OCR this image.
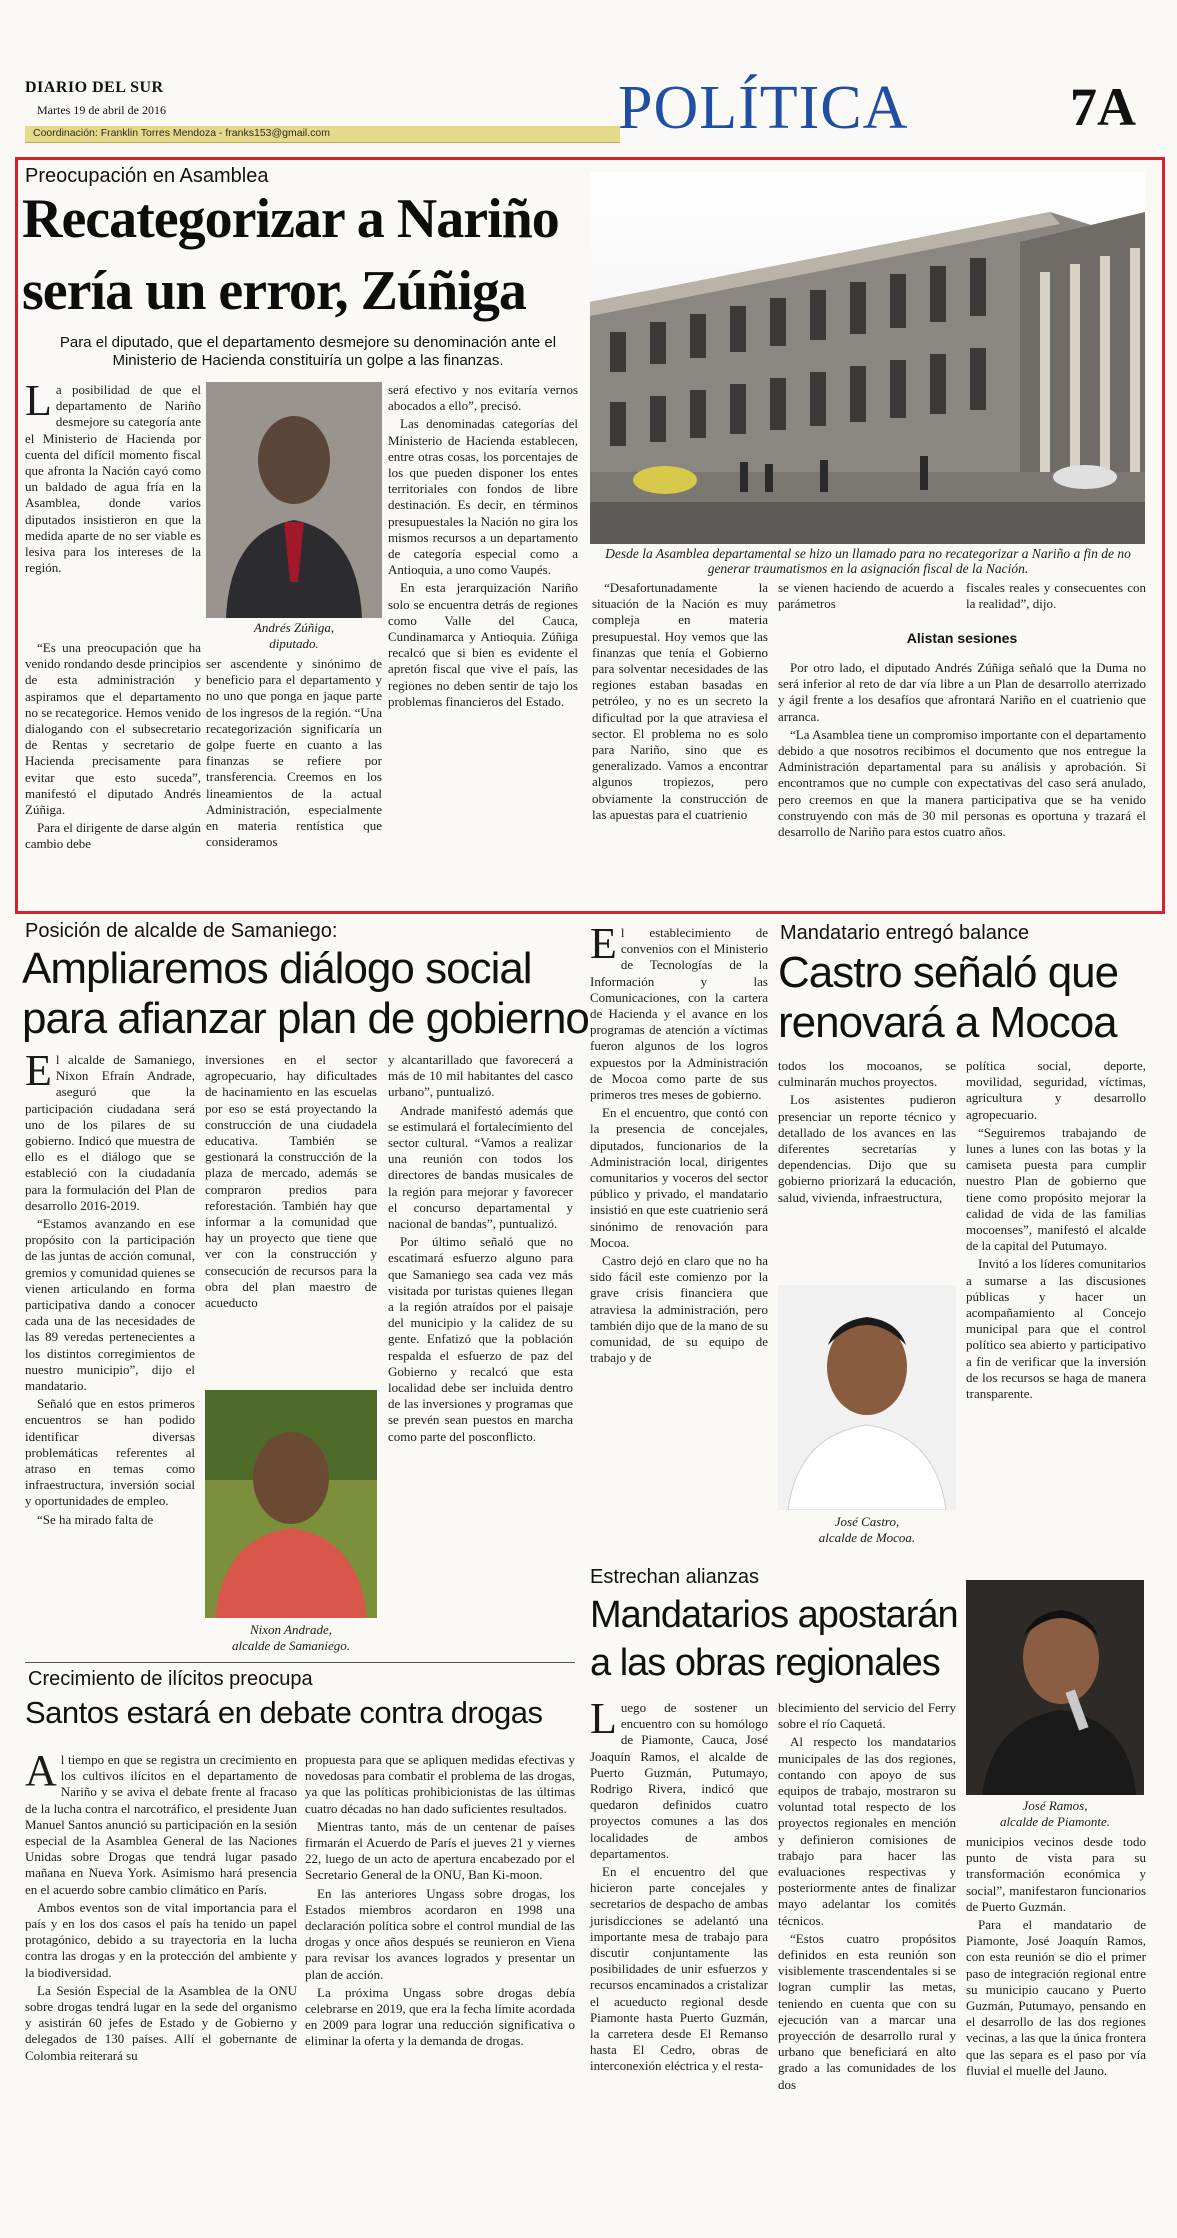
DIARIO DEL SUR
Martes 19 de abril de 2016
Coordinación: Franklin Torres Mendoza - franks153@gmail.com	POLÍTICA	7A
Preocupación en Asamblea
Recategorizar a Nariño
sería un error, Zúñiga
Para el diputado, que el departamento desmejore su denominación ante el Ministerio de Hacienda constituiría un golpe a las finanzas.
Desde la Asamblea departamental se hizo un llamado para no recategorizar a Nariño a fin de no generar traumatismos en la asignación fiscal de la Nación.
Andrés Zúñiga,
diputado.

La posibilidad de que el departamento de Nariño desmejore su categoría ante el Ministerio de Hacienda por cuenta del difícil momento fiscal que afronta la Nación cayó como un baldado de agua fría en la Asamblea, donde varios diputados insistieron en que la medida aparte de no ser viable es lesiva para los intereses de la región.

“Es una preocupación que ha venido rondando desde principios de esta administración y aspiramos que el departamento no se recategorice. Hemos venido dialogando con el subsecretario de Rentas y secretario de Hacienda precisamente para evitar que esto suceda”, manifestó el diputado Andrés Zúñiga.

Para el dirigente de darse algún cambio debe

ser ascendente y sinónimo de beneficio para el departamento y no uno que ponga en jaque parte de los ingresos de la región. “Una recategorización significaría un golpe fuerte en cuanto a las finanzas se refiere por transferencia. Creemos en los lineamientos de la actual Administración, especialmente en materia rentística que consideramos

será efectivo y nos evitaría vernos abocados a ello”, precisó.

Las denominadas categorías del Ministerio de Hacienda establecen, entre otras cosas, los porcentajes de los que pueden disponer los entes territoriales con fondos de libre destinación. Es decir, en términos presupuestales la Nación no gira los mismos recursos a un departamento de categoría especial como a Antioquia, a uno como Vaupés.

En esta jerarquización Nariño solo se encuentra detrás de regiones como Valle del Cauca, Cundinamarca y Antioquia. Zúñiga recalcó que si bien es evidente el apretón fiscal que vive el país, las regiones no deben sentir de tajo los problemas financieros del Estado.

“Desafortunadamente la situación de la Nación es muy compleja en materia presupuestal. Hoy vemos que las finanzas que tenía el Gobierno para solventar necesidades de las regiones estaban basadas en petróleo, y no es un secreto la dificultad por la que atraviesa el sector. El problema no es solo para Nariño, sino que es generalizado. Vamos a encontrar algunos tropiezos, pero obviamente la construcción de las apuestas para el cuatrienio

se vienen haciendo de acuerdo a parámetros

fiscales reales y consecuentes con la realidad”, dijo.

Alistan sesiones

Por otro lado, el diputado Andrés Zúñiga señaló que la Duma no será inferior al reto de dar vía libre a un Plan de desarrollo aterrizado y ágil frente a los desafíos que afrontará Nariño en el cuatrienio que arranca.

“La Asamblea tiene un compromiso importante con el departamento debido a que nosotros recibimos el documento que nos entregue la Administración departamental para su análisis y aprobación. Si encontramos que no cumple con expectativas del caso será anulado, pero creemos en que la manera participativa que se ha venido construyendo con más de 30 mil personas es oportuna y trazará el desarrollo de Nariño para estos cuatro años.

Posición de alcalde de Samaniego:
Ampliaremos diálogo social
para afianzar plan de gobierno

El alcalde de Samaniego, Nixon Efraín Andrade, aseguró que la participación ciudadana será uno de los pilares de su gobierno. Indicó que muestra de ello es el diálogo que se estableció con la ciudadanía para la formulación del Plan de desarrollo 2016-2019.

“Estamos avanzando en ese propósito con la participación de las juntas de acción comunal, gremios y comunidad quienes se vienen articulando en forma participativa dando a conocer cada una de las necesidades de las 89 veredas pertenecientes a los distintos corregimientos de nuestro municipio”, dijo el mandatario.

Señaló que en estos primeros encuentros se han podido identificar diversas problemáticas referentes al atraso en temas como infraestructura, inversión social y oportunidades de empleo.

“Se ha mirado falta de

inversiones en el sector agropecuario, hay dificultades de hacinamiento en las escuelas por eso se está proyectando la construcción de una ciudadela educativa. También se gestionará la construcción de la plaza de mercado, además se compraron predios para reforestación. También hay que informar a la comunidad que hay un proyecto que tiene que ver con la construcción y consecución de recursos para la obra del plan maestro de acueducto

Nixon Andrade,
alcalde de Samaniego.

y alcantarillado que favorecerá a más de 10 mil habitantes del casco urbano”, puntualizó.

Andrade manifestó además que se estimulará el fortalecimiento del sector cultural. “Vamos a realizar una reunión con todos los directores de bandas musicales de la región para mejorar y favorecer el concurso departamental y nacional de bandas”, puntualizó.

Por último señaló que no escatimará esfuerzo alguno para que Samaniego sea cada vez más visitada por turistas quienes llegan a la región atraídos por el paisaje del municipio y la calidez de su gente. Enfatizó que la población respalda el esfuerzo de paz del Gobierno y recalcó que esta localidad debe ser incluida dentro de las inversiones y programas que se prevén sean puestos en marcha como parte del posconflicto.

El establecimiento de convenios con el Ministerio de Tecnologías de la Información y las Comunicaciones, con la cartera de Hacienda y el avance en los programas de atención a víctimas fueron algunos de los logros expuestos por la Administración de Mocoa como parte de sus primeros tres meses de gobierno.

En el encuentro, que contó con la presencia de concejales, diputados, funcionarios de la Administración local, dirigentes comunitarios y voceros del sector público y privado, el mandatario insistió en que este cuatrienio será sinónimo de renovación para Mocoa.

Castro dejó en claro que no ha sido fácil este comienzo por la grave crisis financiera que atraviesa la administración, pero también dijo que de la mano de su comunidad, de su equipo de trabajo y de

Mandatario entregó balance
Castro señaló que
renovará a Mocoa

todos los mocoanos, se culminarán muchos proyectos.

Los asistentes pudieron presenciar un reporte técnico y detallado de los avances en las diferentes secretarías y dependencias. Dijo que su gobierno priorizará la educación, salud, vivienda, infraestructura,

José Castro,
alcalde de Mocoa.

política social, deporte, movilidad, seguridad, víctimas, agricultura y desarrollo agropecuario.

“Seguiremos trabajando de lunes a lunes con las botas y la camiseta puesta para cumplir nuestro Plan de gobierno que tiene como propósito mejorar la calidad de vida de las familias mocoenses”, manifestó el alcalde de la capital del Putumayo.

Invitó a los líderes comunitarios a sumarse a las discusiones públicas y hacer un acompañamiento al Concejo municipal para que el control político sea abierto y participativo a fin de verificar que la inversión de los recursos se haga de manera transparente.

Crecimiento de ilícitos preocupa
Santos estará en debate contra drogas

Al tiempo en que se registra un crecimiento en los cultivos ilícitos en el departamento de Nariño y se aviva el debate frente al fracaso de la lucha contra el narcotráfico, el presidente Juan Manuel Santos anunció su participación en la sesión especial de la Asamblea General de las Naciones Unidas sobre Drogas que tendrá lugar pasado mañana en Nueva York. Asimismo hará presencia en el acuerdo sobre cambio climático en París.

Ambos eventos son de vital importancia para el país y en los dos casos el país ha tenido un papel protagónico, debido a su trayectoria en la lucha contra las drogas y en la protección del ambiente y la biodiversidad.

La Sesión Especial de la Asamblea de la ONU sobre drogas tendrá lugar en la sede del organismo y asistirán 60 jefes de Estado y de Gobierno y delegados de 130 países. Allí el gobernante de Colombia reiterará su

propuesta para que se apliquen medidas efectivas y novedosas para combatir el problema de las drogas, ya que las políticas prohibicionistas de las últimas cuatro décadas no han dado suficientes resultados.

Mientras tanto, más de un centenar de países firmarán el Acuerdo de París el jueves 21 y viernes 22, luego de un acto de apertura encabezado por el Secretario General de la ONU, Ban Ki-moon.

En las anteriores Ungass sobre drogas, los Estados miembros acordaron en 1998 una declaración política sobre el control mundial de las drogas y once años después se reunieron en Viena para revisar los avances logrados y presentar un plan de acción.

La próxima Ungass sobre drogas debía celebrarse en 2019, que era la fecha límite acordada en 2009 para lograr una reducción significativa o eliminar la oferta y la demanda de drogas.

Estrechan alianzas
Mandatarios apostarán
a las obras regionales

Luego de sostener un encuentro con su homólogo de Piamonte, Cauca, José Joaquín Ramos, el alcalde de Puerto Guzmán, Putumayo, Rodrigo Rivera, indicó que quedaron definidos cuatro proyectos comunes a las dos localidades de ambos departamentos.

En el encuentro del que hicieron parte concejales y secretarios de despacho de ambas jurisdicciones se adelantó una importante mesa de trabajo para discutir conjuntamente las posibilidades de unir esfuerzos y recursos encaminados a cristalizar el acueducto regional desde Piamonte hasta Puerto Guzmán, la carretera desde El Remanso hasta El Cedro, obras de interconexión eléctrica y el resta-

blecimiento del servicio del Ferry sobre el río Caquetá.

Al respecto los mandatarios municipales de las dos regiones, contando con apoyo de sus equipos de trabajo, mostraron su voluntad total respecto de los proyectos regionales en mención y definieron comisiones de trabajo para hacer las evaluaciones respectivas y posteriormente antes de finalizar mayo adelantar los comités técnicos.

“Estos cuatro propósitos definidos en esta reunión son visiblemente trascendentales si se logran cumplir las metas, teniendo en cuenta que con su ejecución van a marcar una proyección de desarrollo rural y urbano que beneficiará en alto grado a las comunidades de los dos

José Ramos,
alcalde de Piamonte.

municipios vecinos desde todo punto de vista para su transformación económica y social”, manifestaron funcionarios de Puerto Guzmán.

Para el mandatario de Piamonte, José Joaquín Ramos, con esta reunión se dio el primer paso de integración regional entre su municipio caucano y Puerto Guzmán, Putumayo, pensando en el desarrollo de las dos regiones vecinas, a las que la única frontera que las separa es el paso por vía fluvial el muelle del Jauno.
